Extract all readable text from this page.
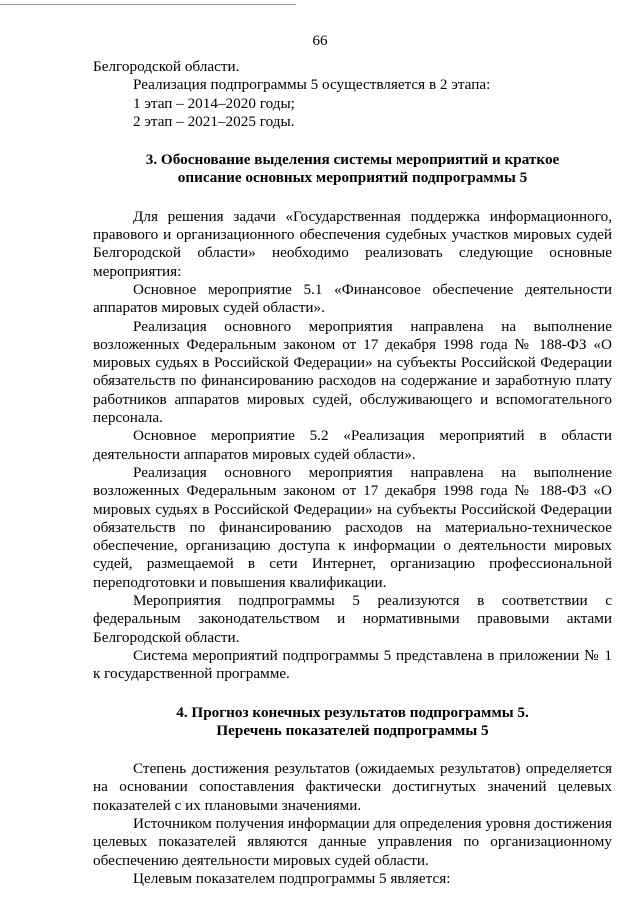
66

Белгородской области.

Реализация подпрограммы 5 осуществляется в 2 этапа:

1 этап – 2014–2020 годы;

2 этап – 2021–2025 годы.

3. Обоснование выделения системы мероприятий и краткое

описание основных мероприятий подпрограммы 5

Для решения задачи «Государственная поддержка информационного, правового и организационного обеспечения судебных участков мировых судей Белгородской области» необходимо реализовать следующие основные мероприятия:

Основное мероприятие 5.1 «Финансовое обеспечение деятельности аппаратов мировых судей области».

Реализация основного мероприятия направлена на выполнение возложенных Федеральным законом от 17 декабря 1998 года № 188-ФЗ «О мировых судьях в Российской Федерации» на субъекты Российской Федерации обязательств по финансированию расходов на содержание и заработную плату работников аппаратов мировых судей, обслуживающего и вспомогательного персонала.

Основное мероприятие 5.2 «Реализация мероприятий в области деятельности аппаратов мировых судей области».

Реализация основного мероприятия направлена на выполнение возложенных Федеральным законом от 17 декабря 1998 года № 188-ФЗ «О мировых судьях в Российской Федерации» на субъекты Российской Федерации обязательств по финансированию расходов на материально-техническое обеспечение, организацию доступа к информации о деятельности мировых судей, размещаемой в сети Интернет, организацию профессиональной переподготовки и повышения квалификации.

Мероприятия подпрограммы 5 реализуются в соответствии с федеральным законодательством и нормативными правовыми актами Белгородской области.

Система мероприятий подпрограммы 5 представлена в приложении № 1 к государственной программе.

4. Прогноз конечных результатов подпрограммы 5.

Перечень показателей подпрограммы 5

Степень достижения результатов (ожидаемых результатов) определяется на основании сопоставления фактически достигнутых значений целевых показателей с их плановыми значениями.

Источником получения информации для определения уровня достижения целевых показателей являются данные управления по организационному обеспечению деятельности мировых судей области.

Целевым показателем подпрограммы 5 является:
